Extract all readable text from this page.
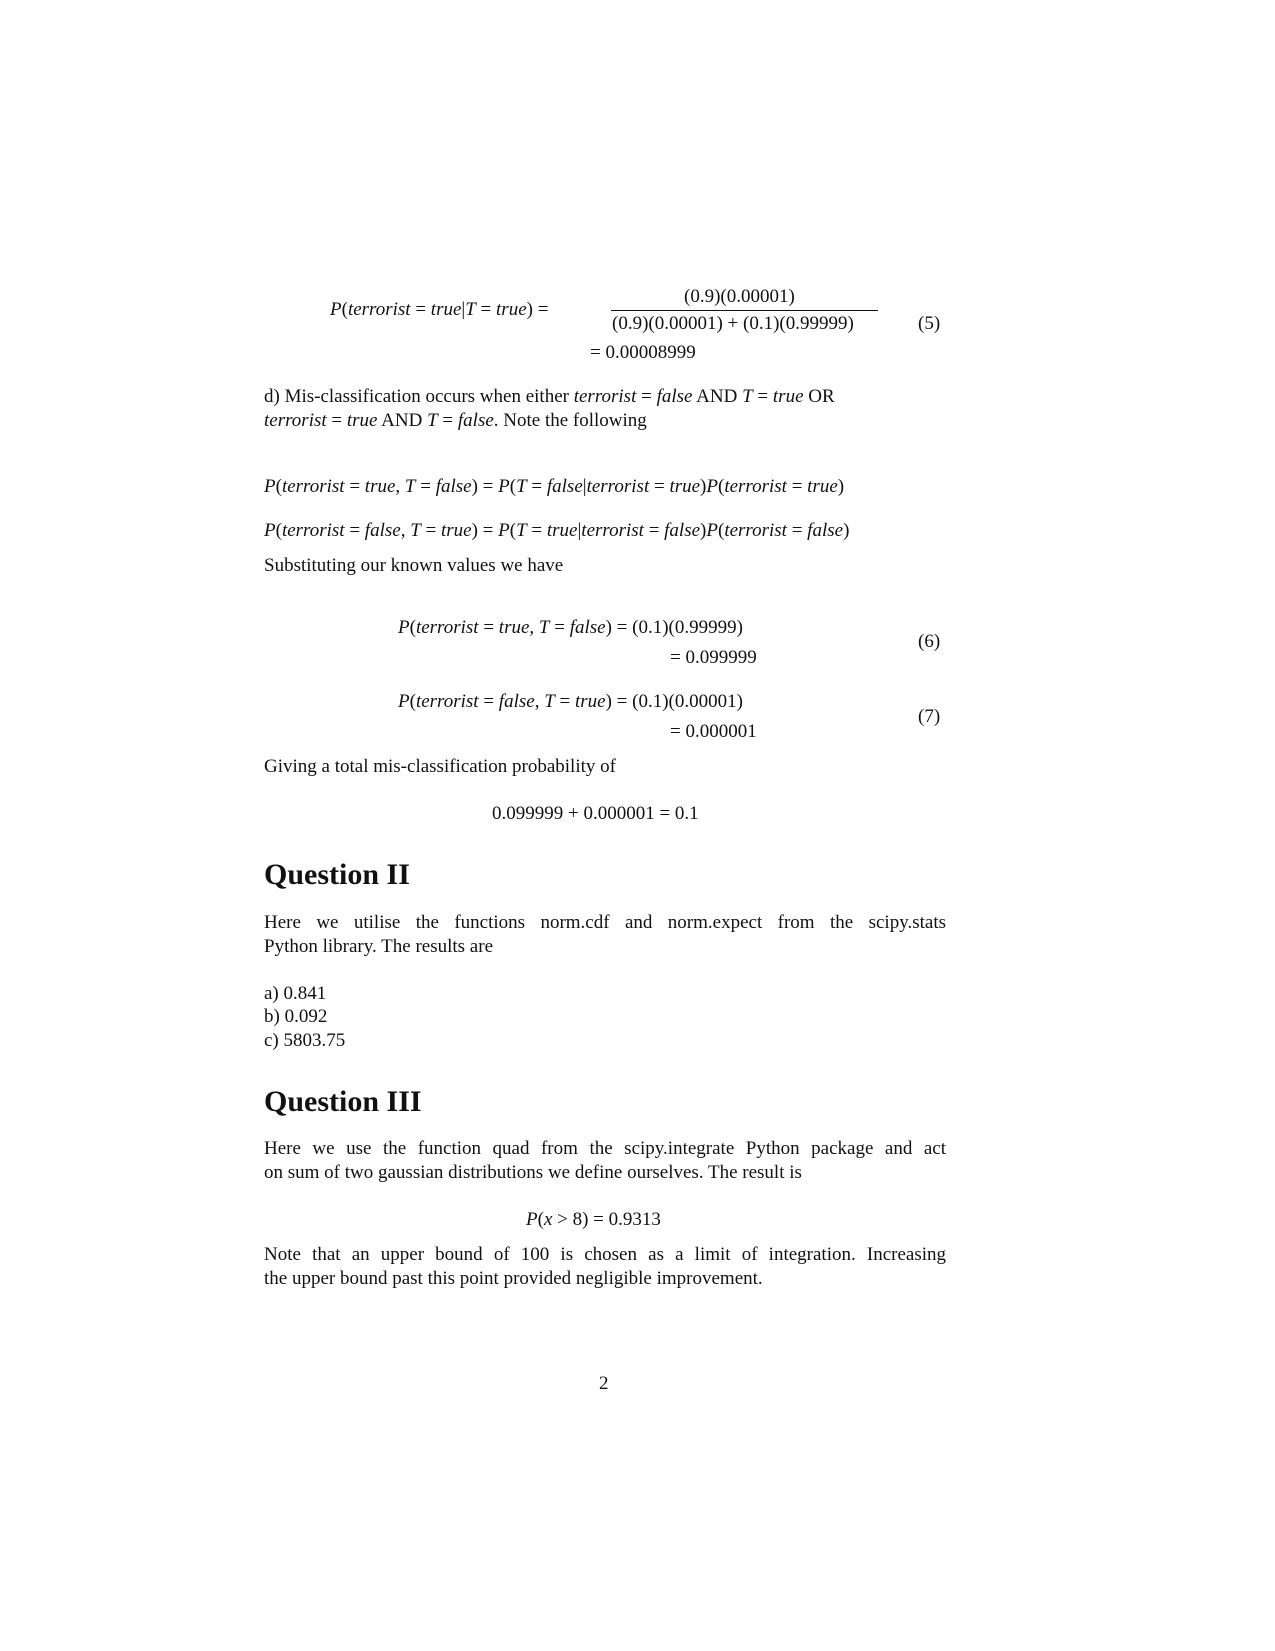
P(terrorist = true|T = true) =
(0.9)(0.00001)
(0.9)(0.00001) + (0.1)(0.99999)
= 0.00008999
(5)
d) Mis-classification occurs when either terrorist = false AND T = true OR
terrorist = true AND T = false. Note the following
P(terrorist = true, T = false) = P(T = false|terrorist = true)P(terrorist = true)
P(terrorist = false, T = true) = P(T = true|terrorist = false)P(terrorist = false)
Substituting our known values we have
P(terrorist = true, T = false) = (0.1)(0.99999)
= 0.099999
(6)
P(terrorist = false, T = true) = (0.1)(0.00001)
= 0.000001
(7)
Giving a total mis-classification probability of
0.099999 + 0.000001 = 0.1
Question II
Here we utilise the functions norm.cdf and norm.expect from the scipy.stats
Python library. The results are
a) 0.841
b) 0.092
c) 5803.75
Question III
Here we use the function quad from the scipy.integrate Python package and act
on sum of two gaussian distributions we define ourselves. The result is
P(x > 8) = 0.9313
Note that an upper bound of 100 is chosen as a limit of integration. Increasing
the upper bound past this point provided negligible improvement.
2
